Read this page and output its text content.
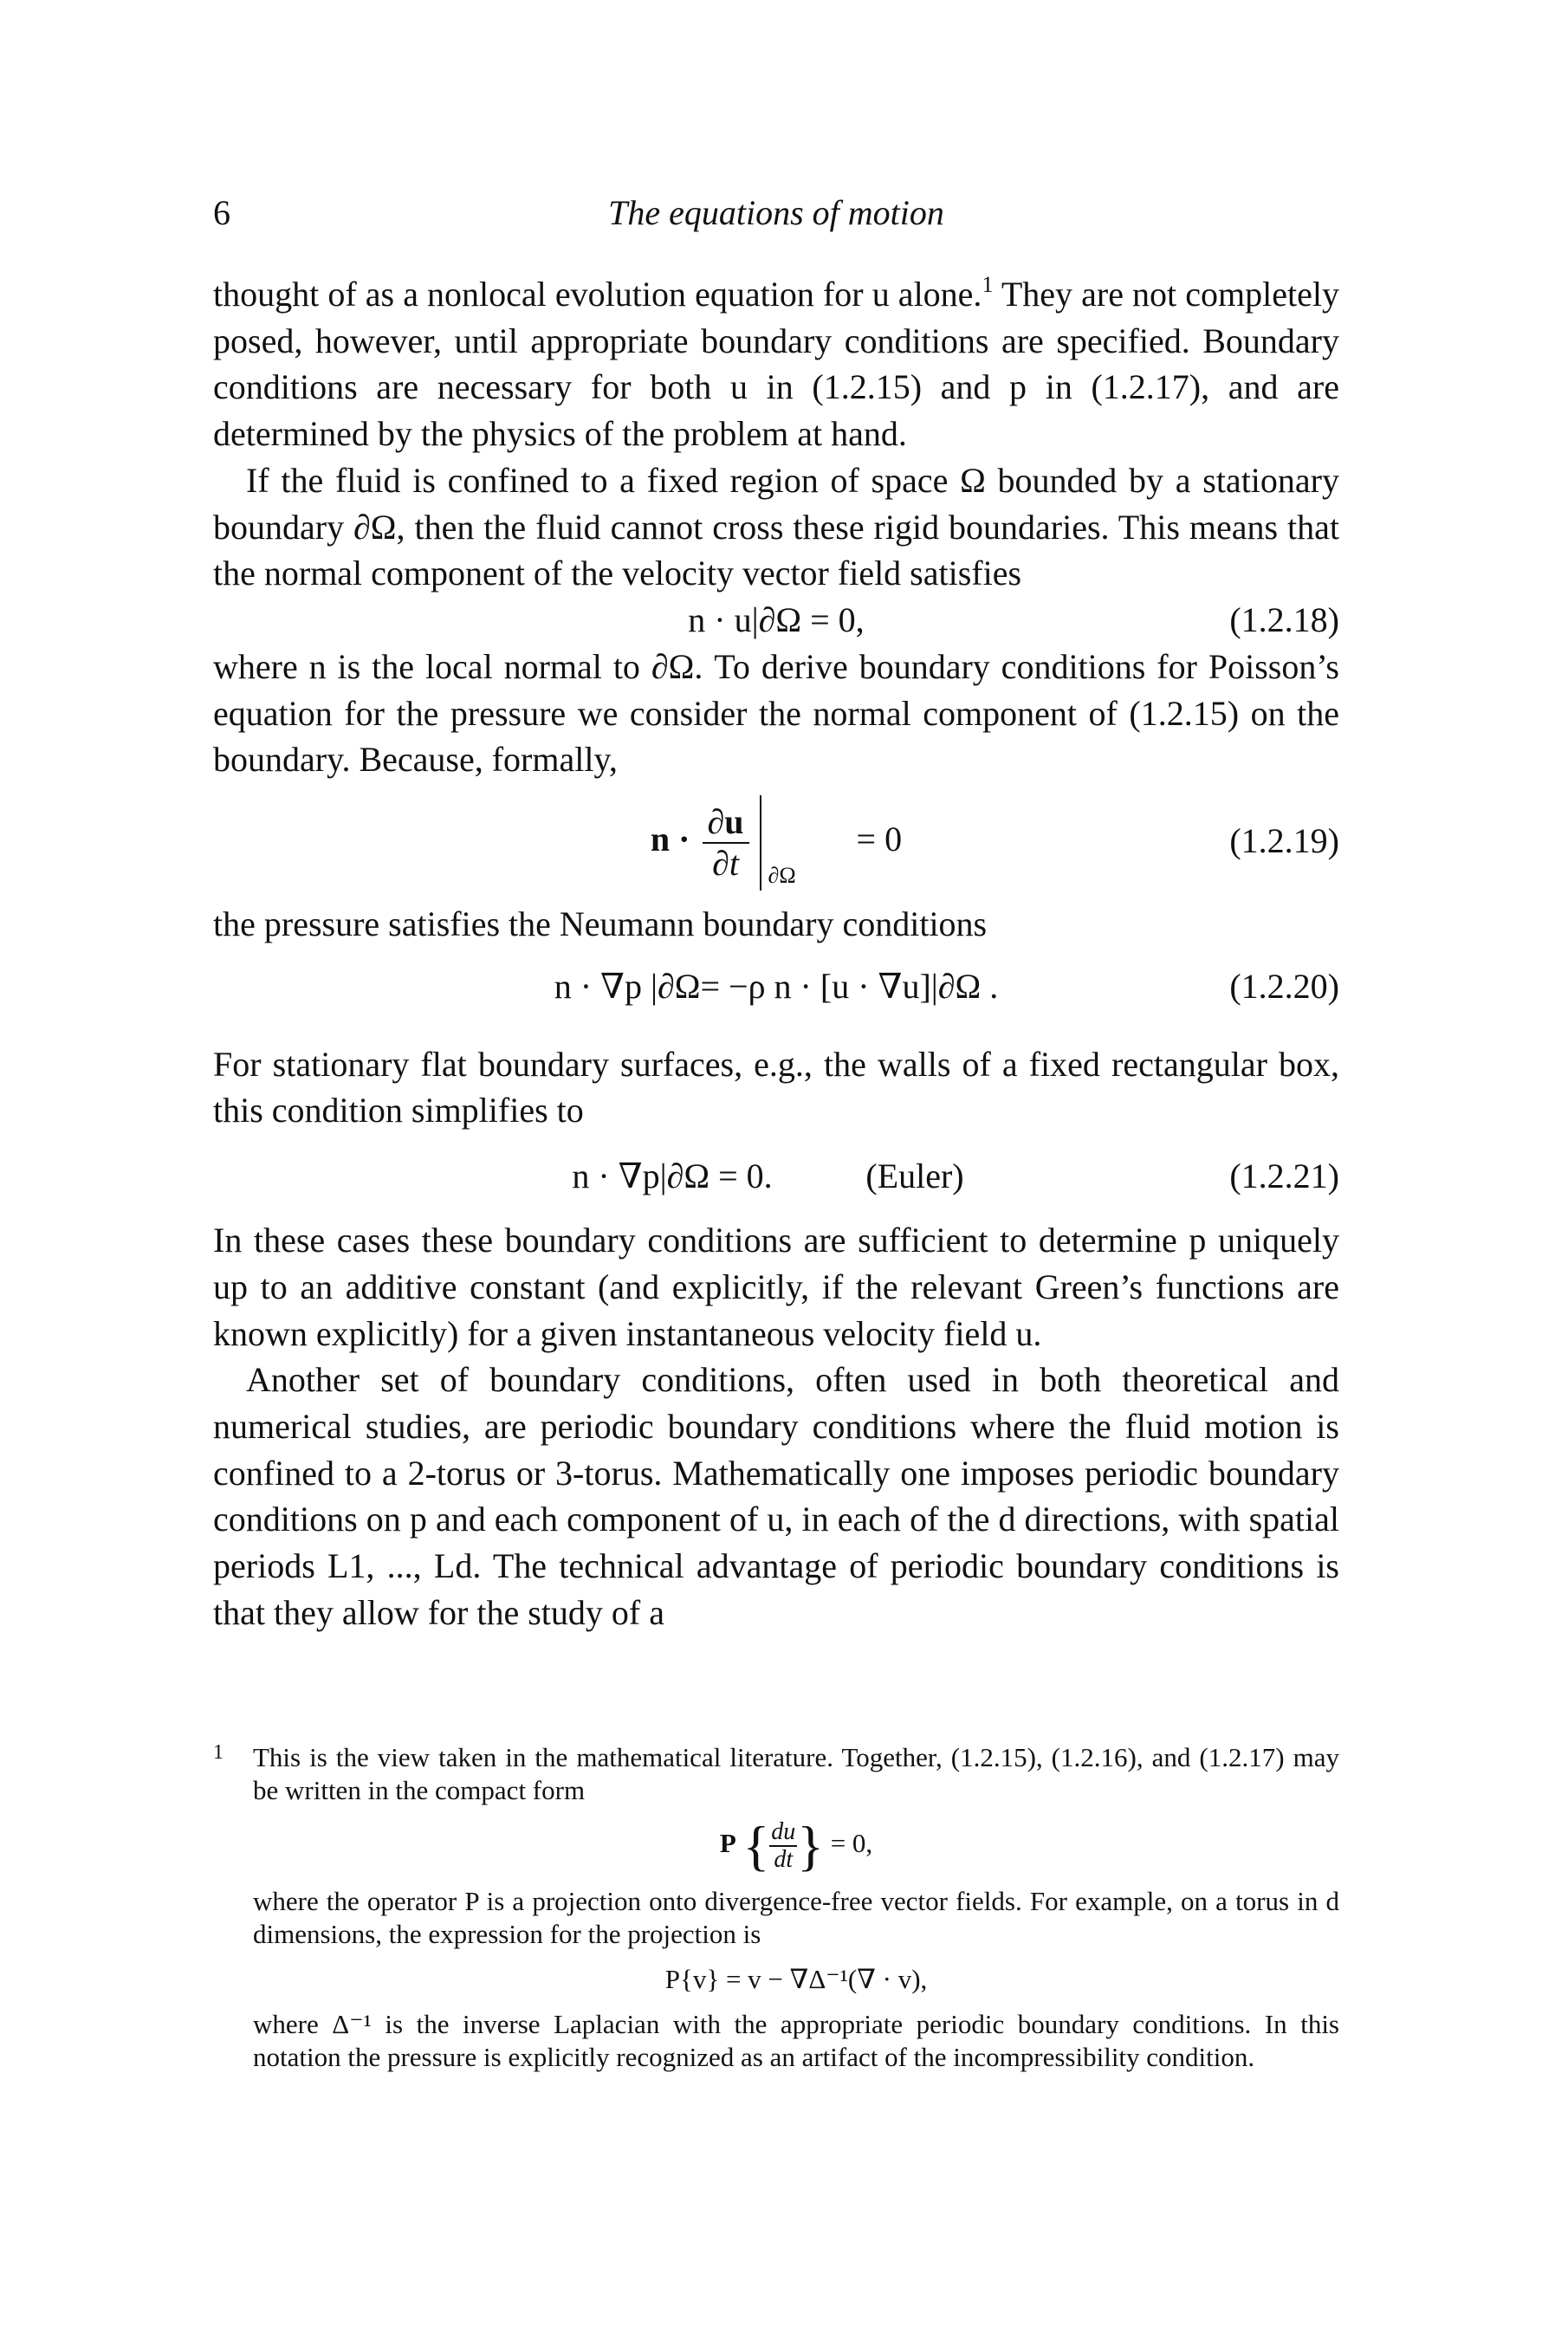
6	The equations of motion

thought of as a nonlocal evolution equation for u alone.$^1$ They are not completely posed, however, until appropriate boundary conditions are specified. Boundary conditions are necessary for both u in (1.2.15) and p in (1.2.17), and are determined by the physics of the problem at hand.

If the fluid is confined to a fixed region of space Ω bounded by a stationary boundary ∂Ω, then the fluid cannot cross these rigid boundaries. This means that the normal component of the velocity vector field satisfies

n · u|∂Ω = 0,	(1.2.18)

where n is the local normal to ∂Ω. To derive boundary conditions for Poisson’s equation for the pressure we consider the normal component of (1.2.15) on the boundary. Because, formally,

$n \cdot \frac{\partial u}{\partial t} \partial\Omega$
= 0	(1.2.19)

the pressure satisfies the Neumann boundary conditions

n · ∇p |∂Ω= −ρ n · [u · ∇u]|∂Ω .	(1.2.20)

For stationary flat boundary surfaces, e.g., the walls of a fixed rectangular box, this condition simplifies to

n · ∇p|∂Ω = 0.	(Euler)	(1.2.21)

In these cases these boundary conditions are sufficient to determine p uniquely up to an additive constant (and explicitly, if the relevant Green’s functions are known explicitly) for a given instantaneous velocity field u.

Another set of boundary conditions, often used in both theoretical and numerical studies, are periodic boundary conditions where the fluid motion is confined to a 2-torus or 3-torus. Mathematically one imposes periodic boundary conditions on p and each component of u, in each of the d directions, with spatial periods L1, ..., Ld. The technical advantage of periodic boundary conditions is that they allow for the study of a

1	This is the view taken in the mathematical literature. Together, (1.2.15), (1.2.16), and (1.2.17) may be written in the compact form

P { $\frac{du}{dt}$ } = 0,

where the operator P is a projection onto divergence-free vector fields. For example, on a torus in d dimensions, the expression for the projection is

P{v} = v − ∇Δ⁻¹(∇ · v),

where Δ⁻¹ is the inverse Laplacian with the appropriate periodic boundary conditions. In this notation the pressure is explicitly recognized as an artifact of the incompressibility condition.
